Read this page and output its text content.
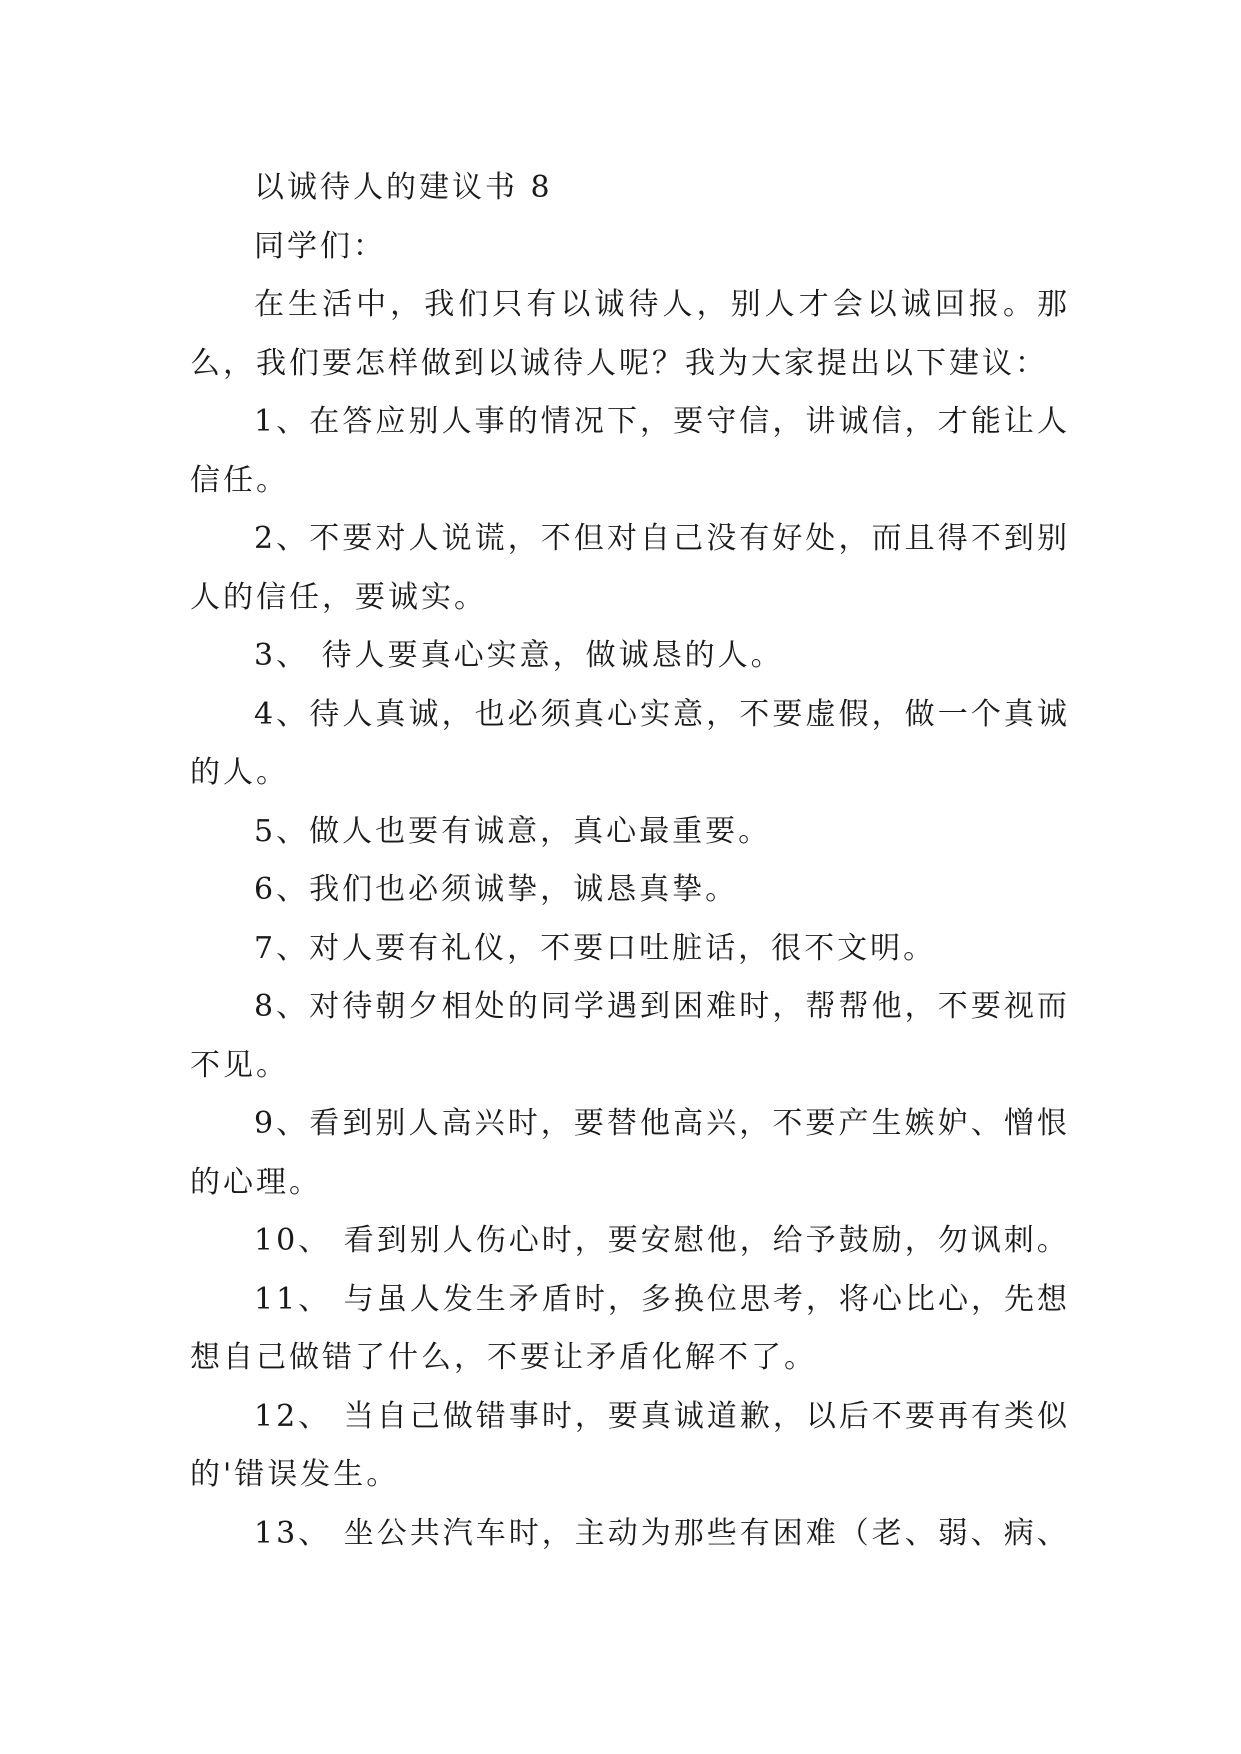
以诚待人的建议书 8

同学们：

在生活中，我们只有以诚待人，别人才会以诚回报。那么，我们要怎样做到以诚待人呢？我为大家提出以下建议：

1、在答应别人事的情况下，要守信，讲诚信，才能让人信任。

2、不要对人说谎，不但对自己没有好处，而且得不到别人的信任，要诚实。

3、 待人要真心实意，做诚恳的人。

4、待人真诚，也必须真心实意，不要虚假，做一个真诚的人。

5、做人也要有诚意，真心最重要。

6、我们也必须诚挚，诚恳真挚。

7、对人要有礼仪，不要口吐脏话，很不文明。

8、对待朝夕相处的同学遇到困难时，帮帮他，不要视而不见。

9、看到别人高兴时，要替他高兴，不要产生嫉妒、憎恨的心理。

10、 看到别人伤心时，要安慰他，给予鼓励，勿讽刺。

11、 与虽人发生矛盾时，多换位思考，将心比心，先想想自己做错了什么，不要让矛盾化解不了。

12、 当自己做错事时，要真诚道歉，以后不要再有类似的'错误发生。

13、 坐公共汽车时，主动为那些有困难（老、弱、病、
